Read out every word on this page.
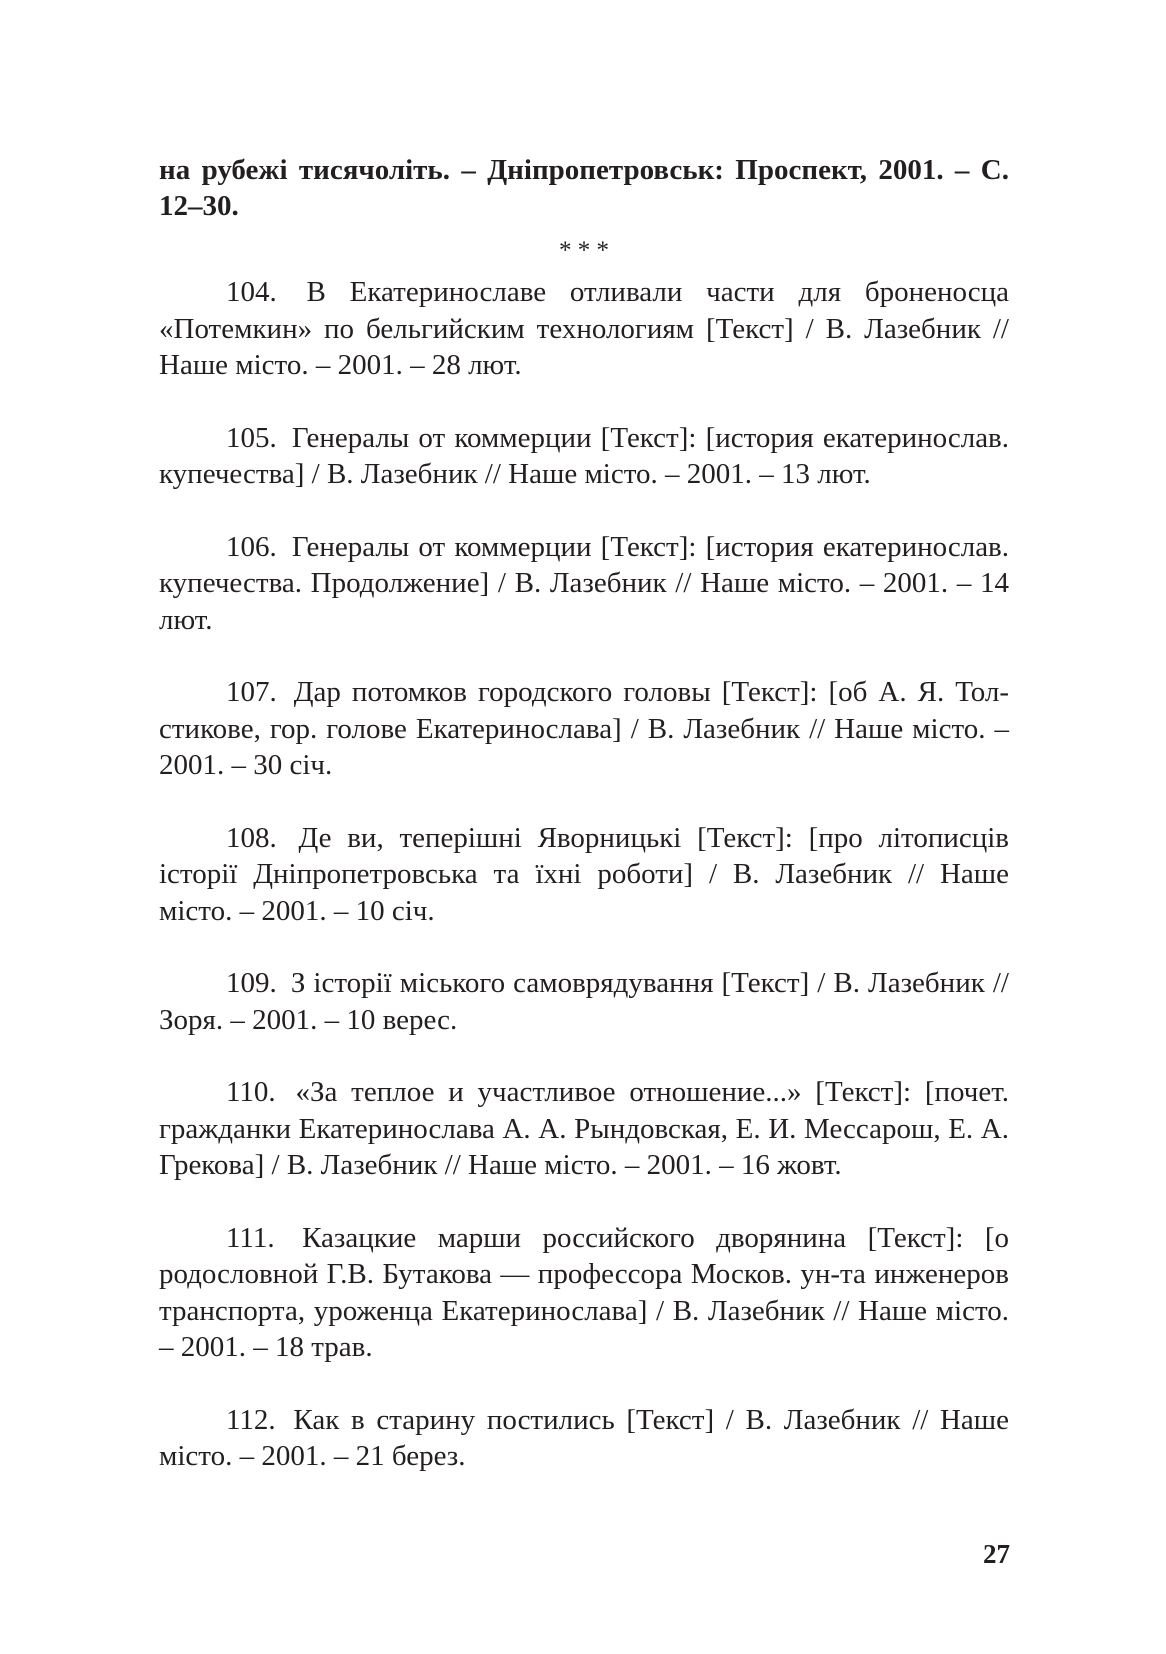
на рубежі тисячоліть. – Дніпропетровськ: Проспект, 2001. – С. 12–30.

* * *
104. В Екатеринославе отливали части для броненосца «Потемкин» по бельгийским технологиям [Текст] / В. Лазебник // Наше місто. – 2001. – 28 лют.
105. Генералы от коммерции [Текст]: [история екатеринослав. купечества] / В. Лазебник // Наше місто. – 2001. – 13 лют.
106. Генералы от коммерции [Текст]: [история екатеринослав. купечества. Продолжение] / В. Лазебник // Наше місто. – 2001. – 14 лют.
107. Дар потомков городского головы [Текст]: [об А. Я. Толстикове, гор. голове Екатеринослава] / В. Лазебник // Наше місто. – 2001. – 30 січ.
108. Де ви, теперішні Яворницькі [Текст]: [про літописців історії Дніпропетровська та їхні роботи] / В. Лазебник // Наше місто. – 2001. – 10 січ.
109. З історії міського самоврядування [Текст] / В. Лазебник // Зоря. – 2001. – 10 верес.
110. «За теплое и участливое отношение...» [Текст]: [почет. гражданки Екатеринослава А. А. Рындовская, Е. И. Мессарош, Е. А. Грекова] / В. Лазебник // Наше місто. – 2001. – 16 жовт.
111. Казацкие марши российского дворянина [Текст]: [о родословной Г.В. Бутакова — профессора Москов. ун-та инженеров транспорта, уроженца Екатеринослава] / В. Лазебник // Наше місто. – 2001. – 18 трав.
112. Как в старину постились [Текст] / В. Лазебник // Наше місто. – 2001. – 21 берез.
27
